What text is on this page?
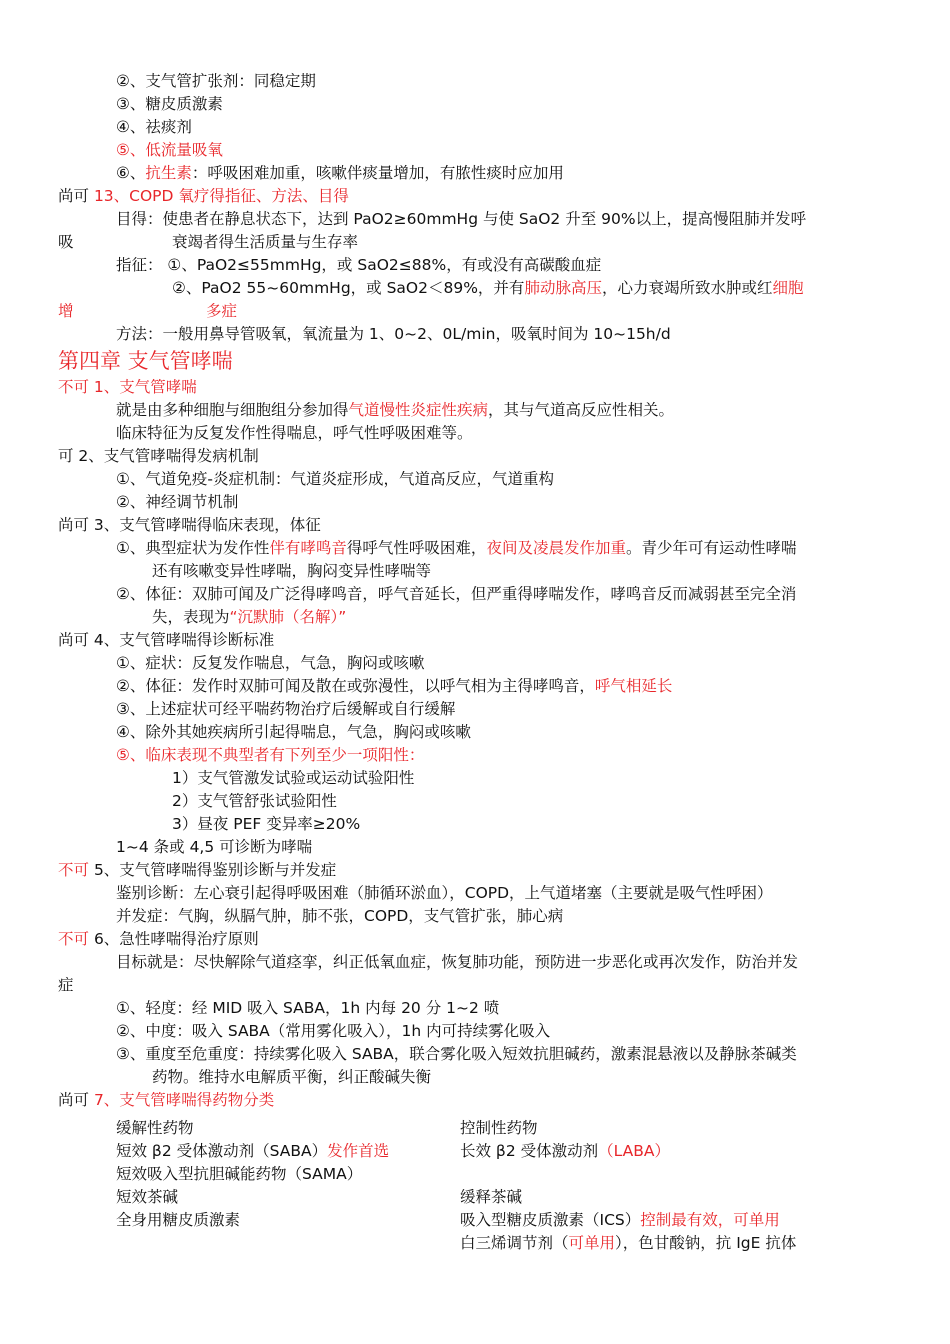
②、支气管扩张剂：同稳定期
③、糖皮质激素
④、祛痰剂
⑤、低流量吸氧
⑥、抗生素：呼吸困难加重，咳嗽伴痰量增加，有脓性痰时应加用
尚可 13、COPD 氧疗得指征、方法、目得
目得：使患者在静息状态下，达到 PaO2≥60mmHg 与使 SaO2 升至 90%以上，提高慢阻肺并发呼
吸	衰竭者得生活质量与生存率
指征： ①、PaO2≤55mmHg，或 SaO2≤88%，有或没有高碳酸血症
②、PaO2 55~60mmHg，或 SaO2＜89%，并有肺动脉高压，心力衰竭所致水肿或红细胞
增	多症
方法：一般用鼻导管吸氧，氧流量为 1、0~2、0L/min，吸氧时间为 10~15h/d
第四章 支气管哮喘
不可 1、支气管哮喘
就是由多种细胞与细胞组分参加得气道慢性炎症性疾病，其与气道高反应性相关。
临床特征为反复发作性得喘息，呼气性呼吸困难等。
可 2、支气管哮喘得发病机制
①、气道免疫-炎症机制：气道炎症形成，气道高反应，气道重构
②、神经调节机制
尚可 3、支气管哮喘得临床表现，体征
①、典型症状为发作性伴有哮鸣音得呼气性呼吸困难，夜间及凌晨发作加重。青少年可有运动性哮喘
还有咳嗽变异性哮喘，胸闷变异性哮喘等
②、体征：双肺可闻及广泛得哮鸣音，呼气音延长，但严重得哮喘发作，哮鸣音反而减弱甚至完全消
失，表现为“沉默肺（名解）”
尚可 4、支气管哮喘得诊断标准
①、症状：反复发作喘息，气急，胸闷或咳嗽
②、体征：发作时双肺可闻及散在或弥漫性，以呼气相为主得哮鸣音，呼气相延长
③、上述症状可经平喘药物治疗后缓解或自行缓解
④、除外其她疾病所引起得喘息，气急，胸闷或咳嗽
⑤、临床表现不典型者有下列至少一项阳性：
1）支气管激发试验或运动试验阳性
2）支气管舒张试验阳性
3）昼夜 PEF 变异率≥20%
1~4 条或 4,5 可诊断为哮喘
不可 5、支气管哮喘得鉴别诊断与并发症
鉴别诊断：左心衰引起得呼吸困难（肺循环淤血），COPD，上气道堵塞（主要就是吸气性呼困）
并发症：气胸，纵膈气肿，肺不张，COPD，支气管扩张，肺心病
不可 6、急性哮喘得治疗原则
目标就是：尽快解除气道痉挛，纠正低氧血症，恢复肺功能，预防进一步恶化或再次发作，防治并发
症
①、轻度：经 MID 吸入 SABA，1h 内每 20 分 1~2 喷
②、中度：吸入 SABA（常用雾化吸入），1h 内可持续雾化吸入
③、重度至危重度：持续雾化吸入 SABA，联合雾化吸入短效抗胆碱药，激素混悬液以及静脉茶碱类
药物。维持水电解质平衡，纠正酸碱失衡
尚可 7、支气管哮喘得药物分类
缓解性药物
短效 β2 受体激动剂（SABA）发作首选
短效吸入型抗胆碱能药物（SAMA）
短效茶碱
全身用糖皮质激素
控制性药物
长效 β2 受体激动剂（LABA）
缓释茶碱
吸入型糖皮质激素（ICS）控制最有效，可单用
白三烯调节剂（可单用），色甘酸钠，抗 IgE 抗体
